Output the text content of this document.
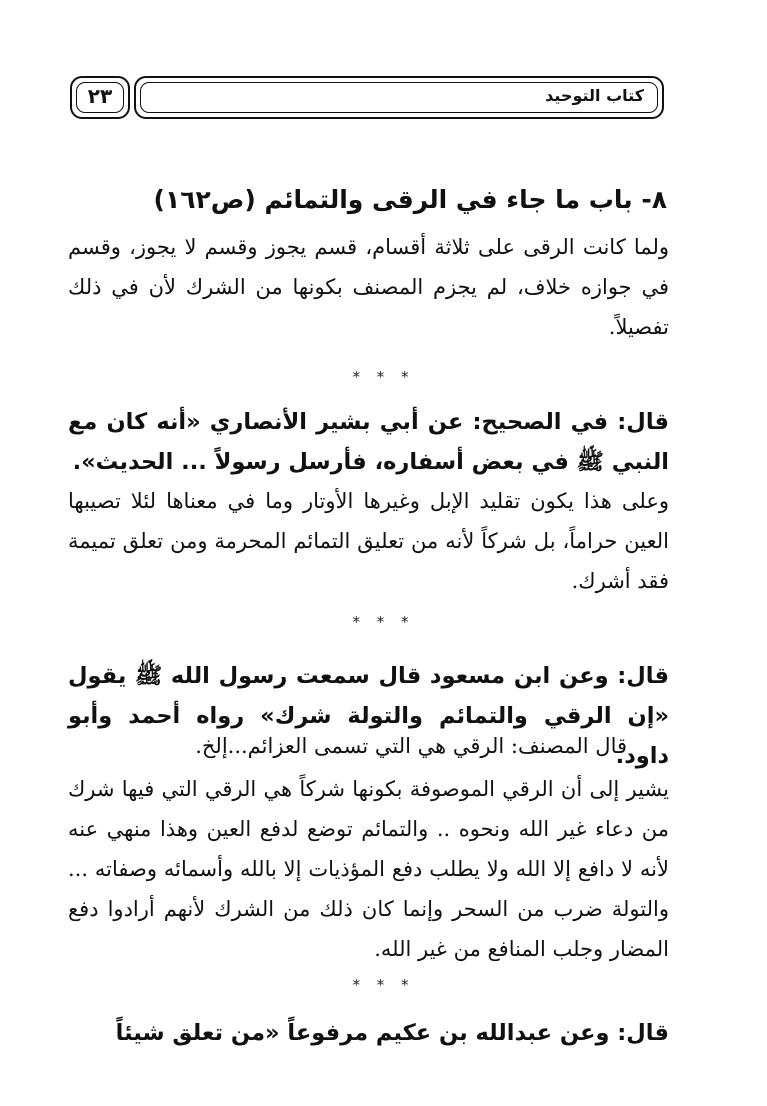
٢٣	كتاب التوحيد
٨- باب ما جاء في الرقى والتمائم (ص١٦٢)
ولما كانت الرقى على ثلاثة أقسام، قسم يجوز وقسم لا يجوز، وقسم في جوازه خلاف، لم يجزم المصنف بكونها من الشرك لأن في ذلك تفصيلاً.
* * *
قال: في الصحيح: عن أبي بشير الأنصاري «أنه كان مع النبي ﷺ في بعض أسفاره، فأرسل رسولاً ... الحديث».
وعلى هذا يكون تقليد الإبل وغيرها الأوتار وما في معناها لئلا تصيبها العين حراماً، بل شركاً لأنه من تعليق التمائم المحرمة ومن تعلق تميمة فقد أشرك.
* * *
قال: وعن ابن مسعود قال سمعت رسول الله ﷺ يقول «إن الرقي والتمائم والتولة شرك» رواه أحمد وأبو داود.
قال المصنف: الرقي هي التي تسمى العزائم...إلخ.
يشير إلى أن الرقي الموصوفة بكونها شركاً هي الرقي التي فيها شرك من دعاء غير الله ونحوه .. والتمائم توضع لدفع العين وهذا منهي عنه لأنه لا دافع إلا الله ولا يطلب دفع المؤذيات إلا بالله وأسمائه وصفاته ... والتولة ضرب من السحر وإنما كان ذلك من الشرك لأنهم أرادوا دفع المضار وجلب المنافع من غير الله.
* * *
قال: وعن عبدالله بن عكيم مرفوعاً «من تعلق شيئاً
